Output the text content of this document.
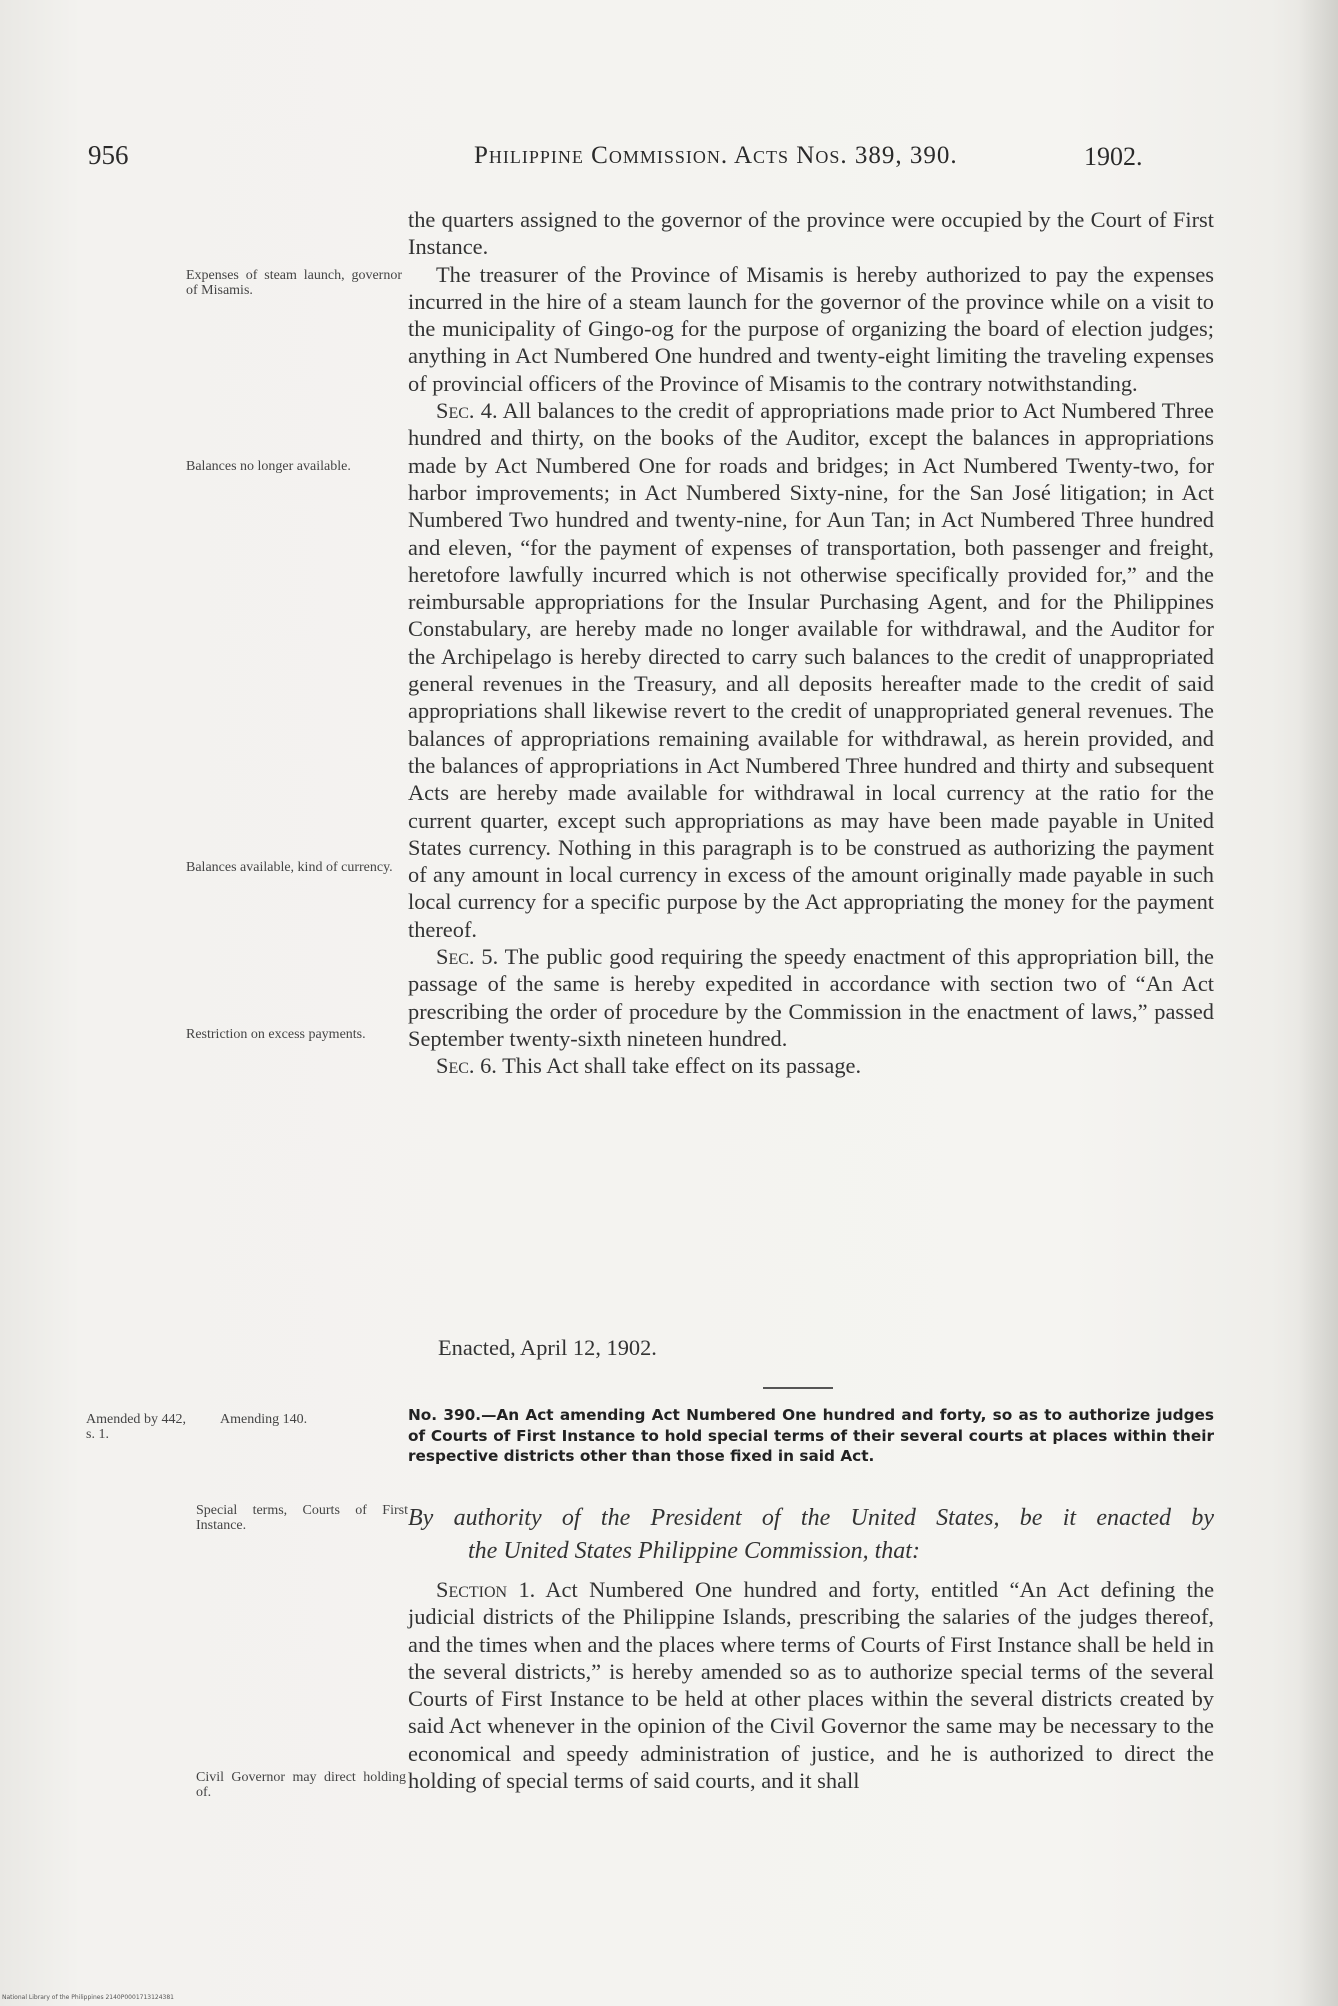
956	Philippine Commission. Acts Nos. 389, 390.	1902.
Expenses of steam launch, governor of Misamis.
Balances no longer available.
Balances available, kind of currency.
Restriction on excess payments.
Amended by 442, s. 1.
Amending 140.
Special terms, Courts of First Instance.
Civil Governor may direct holding of.

the quarters assigned to the governor of the province were occupied by the Court of First Instance.

The treasurer of the Province of Misamis is hereby authorized to pay the expenses incurred in the hire of a steam launch for the governor of the province while on a visit to the municipality of Gingo-og for the purpose of organizing the board of election judges; anything in Act Numbered One hundred and twenty-eight limiting the traveling expenses of provincial officers of the Province of Misamis to the contrary notwithstanding.

Sec. 4. All balances to the credit of appropriations made prior to Act Numbered Three hundred and thirty, on the books of the Auditor, except the balances in appropriations made by Act Numbered One for roads and bridges; in Act Numbered Twenty-two, for harbor improvements; in Act Numbered Sixty-nine, for the San José litigation; in Act Numbered Two hundred and twenty-nine, for Aun Tan; in Act Numbered Three hundred and eleven, “for the payment of expenses of transportation, both passenger and freight, heretofore lawfully incurred which is not otherwise specifically provided for,” and the reimbursable appropriations for the Insular Purchasing Agent, and for the Philippines Constabulary, are hereby made no longer available for withdrawal, and the Auditor for the Archipelago is hereby directed to carry such balances to the credit of unappropriated general revenues in the Treasury, and all deposits hereafter made to the credit of said appropriations shall likewise revert to the credit of unappropriated general revenues. The balances of appropriations remaining available for withdrawal, as herein provided, and the balances of appropriations in Act Numbered Three hundred and thirty and subsequent Acts are hereby made available for withdrawal in local currency at the ratio for the current quarter, except such appropriations as may have been made payable in United States currency. Nothing in this paragraph is to be construed as authorizing the payment of any amount in local currency in excess of the amount originally made payable in such local currency for a specific purpose by the Act appropriating the money for the payment thereof.

Sec. 5. The public good requiring the speedy enactment of this appropriation bill, the passage of the same is hereby expedited in accordance with section two of “An Act prescribing the order of procedure by the Commission in the enactment of laws,” passed September twenty-sixth nineteen hundred.

Sec. 6. This Act shall take effect on its passage.

Enacted, April 12, 1902.
No. 390.—An Act amending Act Numbered One hundred and forty, so as to authorize judges of Courts of First Instance to hold special terms of their several courts at places within their respective districts other than those fixed in said Act.
By authority of the President of the United States, be it enacted by
the United States Philippine Commission, that:

Section 1. Act Numbered One hundred and forty, entitled “An Act defining the judicial districts of the Philippine Islands, prescribing the salaries of the judges thereof, and the times when and the places where terms of Courts of First Instance shall be held in the several districts,” is hereby amended so as to authorize special terms of the several Courts of First Instance to be held at other places within the several districts created by said Act whenever in the opinion of the Civil Governor the same may be necessary to the economical and speedy administration of justice, and he is authorized to direct the holding of special terms of said courts, and it shall

National Library of the Philippines 2140P0001713124381
